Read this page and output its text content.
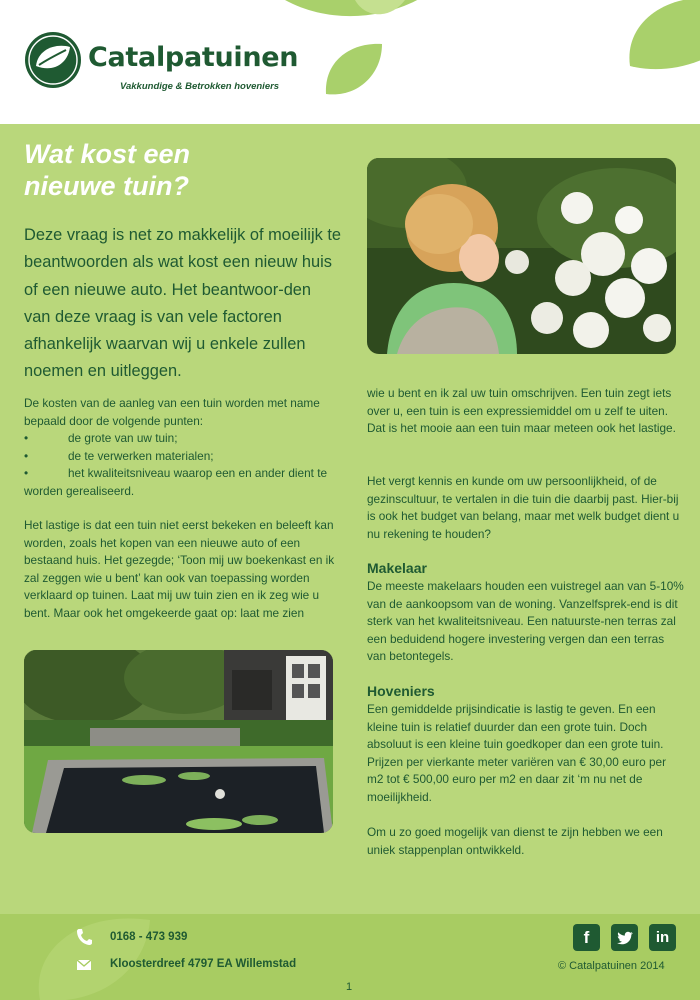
Catalpatuinen
Vakkundige & Betrokken hoveniers
Wat kost een
nieuwe tuin?
Deze vraag is net zo makkelijk of moeilijk te beantwoorden als wat kost een nieuw huis of een nieuwe auto. Het beantwoor-den van deze vraag is van vele factoren afhankelijk waarvan wij u enkele zullen noemen en uitleggen.
De kosten van de aanleg van een tuin worden met name bepaald door de volgende punten:
•	de grote van uw tuin;
•	de te verwerken materialen;
•	het kwaliteitsniveau waarop een en ander dient te worden gerealiseerd.
Het lastige is dat een tuin niet eerst bekeken en beleeft kan worden, zoals het kopen van een nieuwe auto of een bestaand huis. Het gezegde; ‘Toon mij uw boekenkast en ik zal zeggen wie u bent’ kan ook van toepassing worden verklaard op tuinen. Laat mij uw tuin zien en ik zeg wie u bent. Maar ook het omgekeerde gaat op: laat me zien
wie u bent en ik zal uw tuin omschrijven. Een tuin zegt iets over u, een tuin is een expressiemiddel om u zelf te uiten. Dat is het mooie aan een tuin maar meteen ook het lastige.
Het vergt kennis en kunde om uw persoonlijkheid, of de gezinscultuur, te vertalen in die tuin die daarbij past. Hier-bij is ook het budget van belang, maar met welk budget dient u nu rekening te houden?
Makelaar
De meeste makelaars houden een vuistregel aan van 5-10% van de aankoopsom van de woning. Vanzelfsprek-end is dit sterk van het kwaliteitsniveau. Een natuurste-nen terras zal een beduidend hogere investering vergen dan een terras van betontegels.
Hoveniers
Een gemiddelde prijsindicatie is lastig te geven. En een kleine tuin is relatief duurder dan een grote tuin. Doch absoluut is een kleine tuin goedkoper dan een grote tuin. Prijzen per vierkante meter variëren van € 30,00 euro per m2 tot € 500,00 euro per m2 en daar zit ‘m nu net de moeilijkheid.
Om u zo goed mogelijk van dienst te zijn hebben we een uniek stappenplan ontwikkeld.
0168 - 473 939
Kloosterdreef 4797 EA Willemstad
f	in
© Catalpatuinen 2014
1
